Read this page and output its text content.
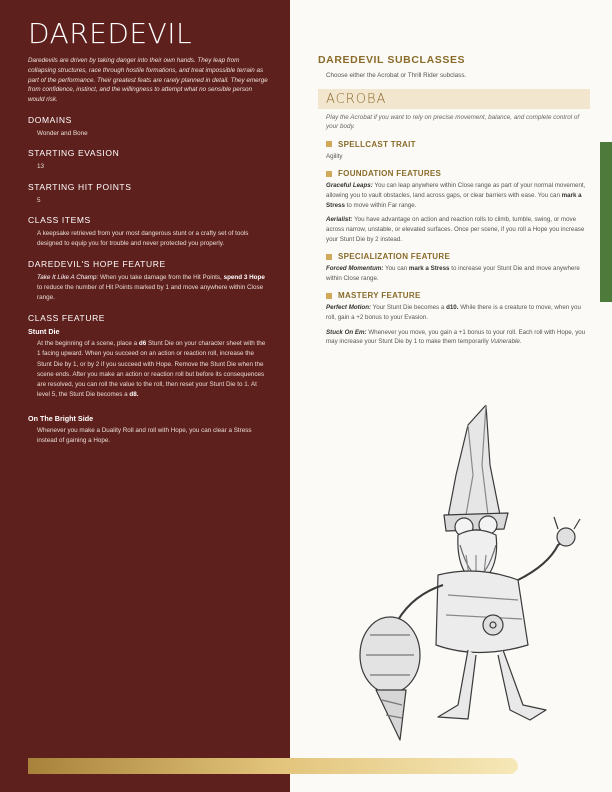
DAREDEVIL

Daredevils are driven by taking danger into their own hands. They leap from collapsing structures, race through hostile formations, and treat impossible terrain as part of the performance. Their greatest feats are rarely planned in detail. They emerge from confidence, instinct, and the willingness to attempt what no sensible person would risk.

DOMAINS
Wonder and Bone
STARTING EVASION
13
STARTING HIT POINTS
5
CLASS ITEMS
A keepsake retrieved from your most dangerous stunt or a crafty set of tools designed to equip you for trouble and never protected you properly.
DAREDEVIL'S HOPE FEATURE
Take It Like A Champ: When you take damage from the Hit Points, spend 3 Hope to reduce the number of Hit Points marked by 1 and move anywhere within Close range.
CLASS FEATURE
Stunt Die
At the beginning of a scene, place a d6 Stunt Die on your character sheet with the 1 facing upward. When you succeed on an action or reaction roll, increase the Stunt Die by 1, or by 2 if you succeed with Hope. Remove the Stunt Die when the scene ends. After you make an action or reaction roll but before its consequences are resolved, you can roll the value to the roll, then reset your Stunt Die to 1. At level 5, the Stunt Die becomes a d8.
On The Bright Side
Whenever you make a Duality Roll and roll with Hope, you can clear a Stress instead of gaining a Hope.
DAREDEVIL SUBCLASSES
Choose either the Acrobat or Thrill Rider subclass.
ACROBA
Play the Acrobat if you want to rely on precise movement, balance, and complete control of your body.
SPELLCAST TRAIT
Agility
FOUNDATION FEATURES
Graceful Leaps: You can leap anywhere within Close range as part of your normal movement, allowing you to vault obstacles, land across gaps, or clear barriers with ease. You can mark a Stress to move within Far range.
Aerialist: You have advantage on action and reaction rolls to climb, tumble, swing, or move across narrow, unstable, or elevated surfaces. Once per scene, if you roll a Hope you increase your Stunt Die by 2 instead.
SPECIALIZATION FEATURE
Forced Momentum: You can mark a Stress to increase your Stunt Die and move anywhere within Close range.
MASTERY FEATURE
Perfect Motion: Your Stunt Die becomes a d10. While there is a creature to move, when you roll, gain a +2 bonus to your Evasion.
Stuck On Em: Whenever you move, you gain a +1 bonus to your roll. Each roll with Hope, you may increase your Stunt Die by 1 to make them temporarily Vulnerable.
